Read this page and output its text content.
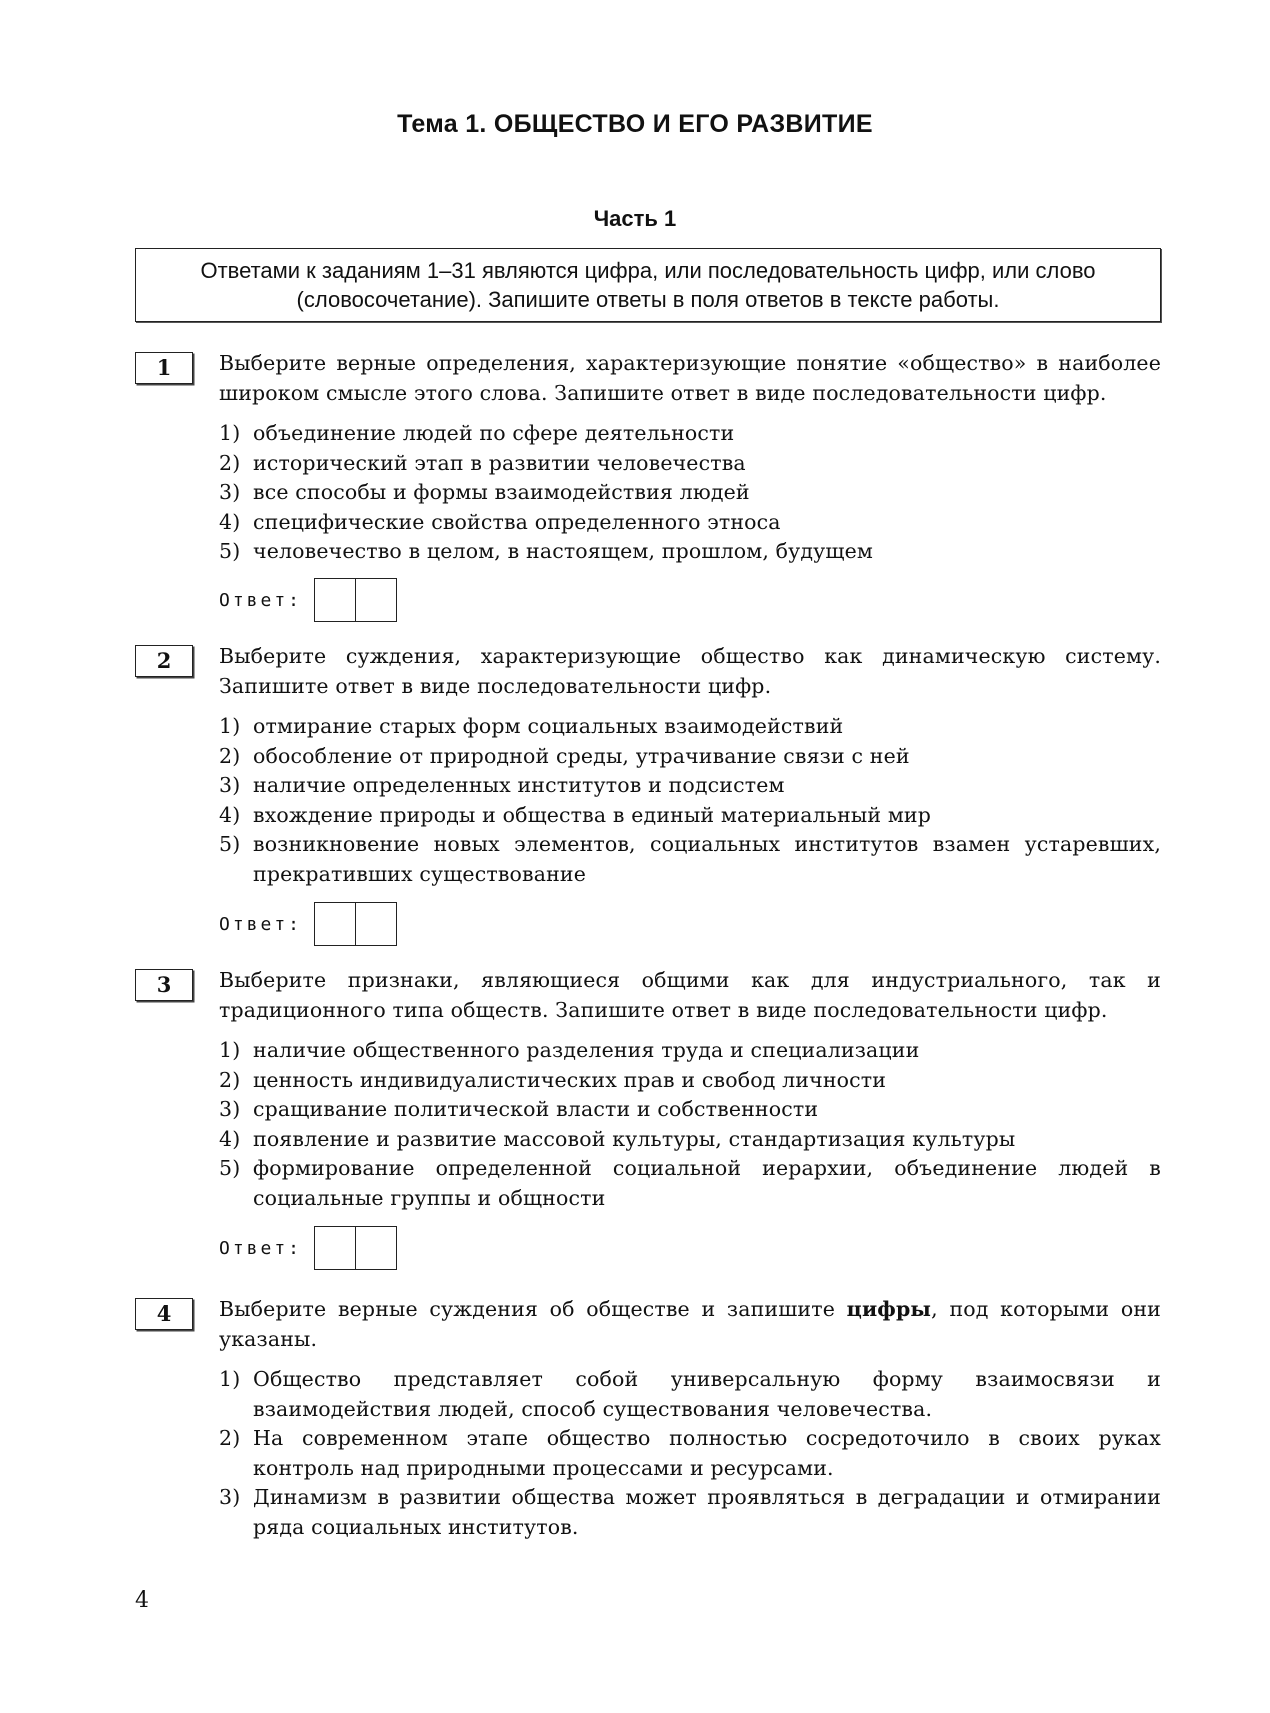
Тема 1. ОБЩЕСТВО И ЕГО РАЗВИТИЕ
Часть 1
Ответами к заданиям 1–31 являются цифра, или последовательность цифр, или слово (словосочетание). Запишите ответы в поля ответов в тексте работы.
1	Выберите верные определения, характеризующие понятие «общество» в наиболее широком смысле этого слова. Запишите ответ в виде последовательности цифр.
1) объединение людей по сфере деятельности
2) исторический этап в развитии человечества
3) все способы и формы взаимодействия людей
4) специфические свойства определенного этноса
5) человечество в целом, в настоящем, прошлом, будущем
Ответ:
2	Выберите суждения, характеризующие общество как динамическую систему. Запишите ответ в виде последовательности цифр.
1) отмирание старых форм социальных взаимодействий
2) обособление от природной среды, утрачивание связи с ней
3) наличие определенных институтов и подсистем
4) вхождение природы и общества в единый материальный мир
5) возникновение новых элементов, социальных институтов взамен устаревших, прекративших существование
Ответ:
3	Выберите признаки, являющиеся общими как для индустриального, так и традиционного типа обществ. Запишите ответ в виде последовательности цифр.
1) наличие общественного разделения труда и специализации
2) ценность индивидуалистических прав и свобод личности
3) сращивание политической власти и собственности
4) появление и развитие массовой культуры, стандартизация культуры
5) формирование определенной социальной иерархии, объединение людей в социальные группы и общности
Ответ:
4	Выберите верные суждения об обществе и запишите цифры, под которыми они указаны.
1) Общество представляет собой универсальную форму взаимосвязи и взаимодействия людей, способ существования человечества.
2) На современном этапе общество полностью сосредоточило в своих руках контроль над природными процессами и ресурсами.
3) Динамизм в развитии общества может проявляться в деградации и отмирании ряда социальных институтов.
4
